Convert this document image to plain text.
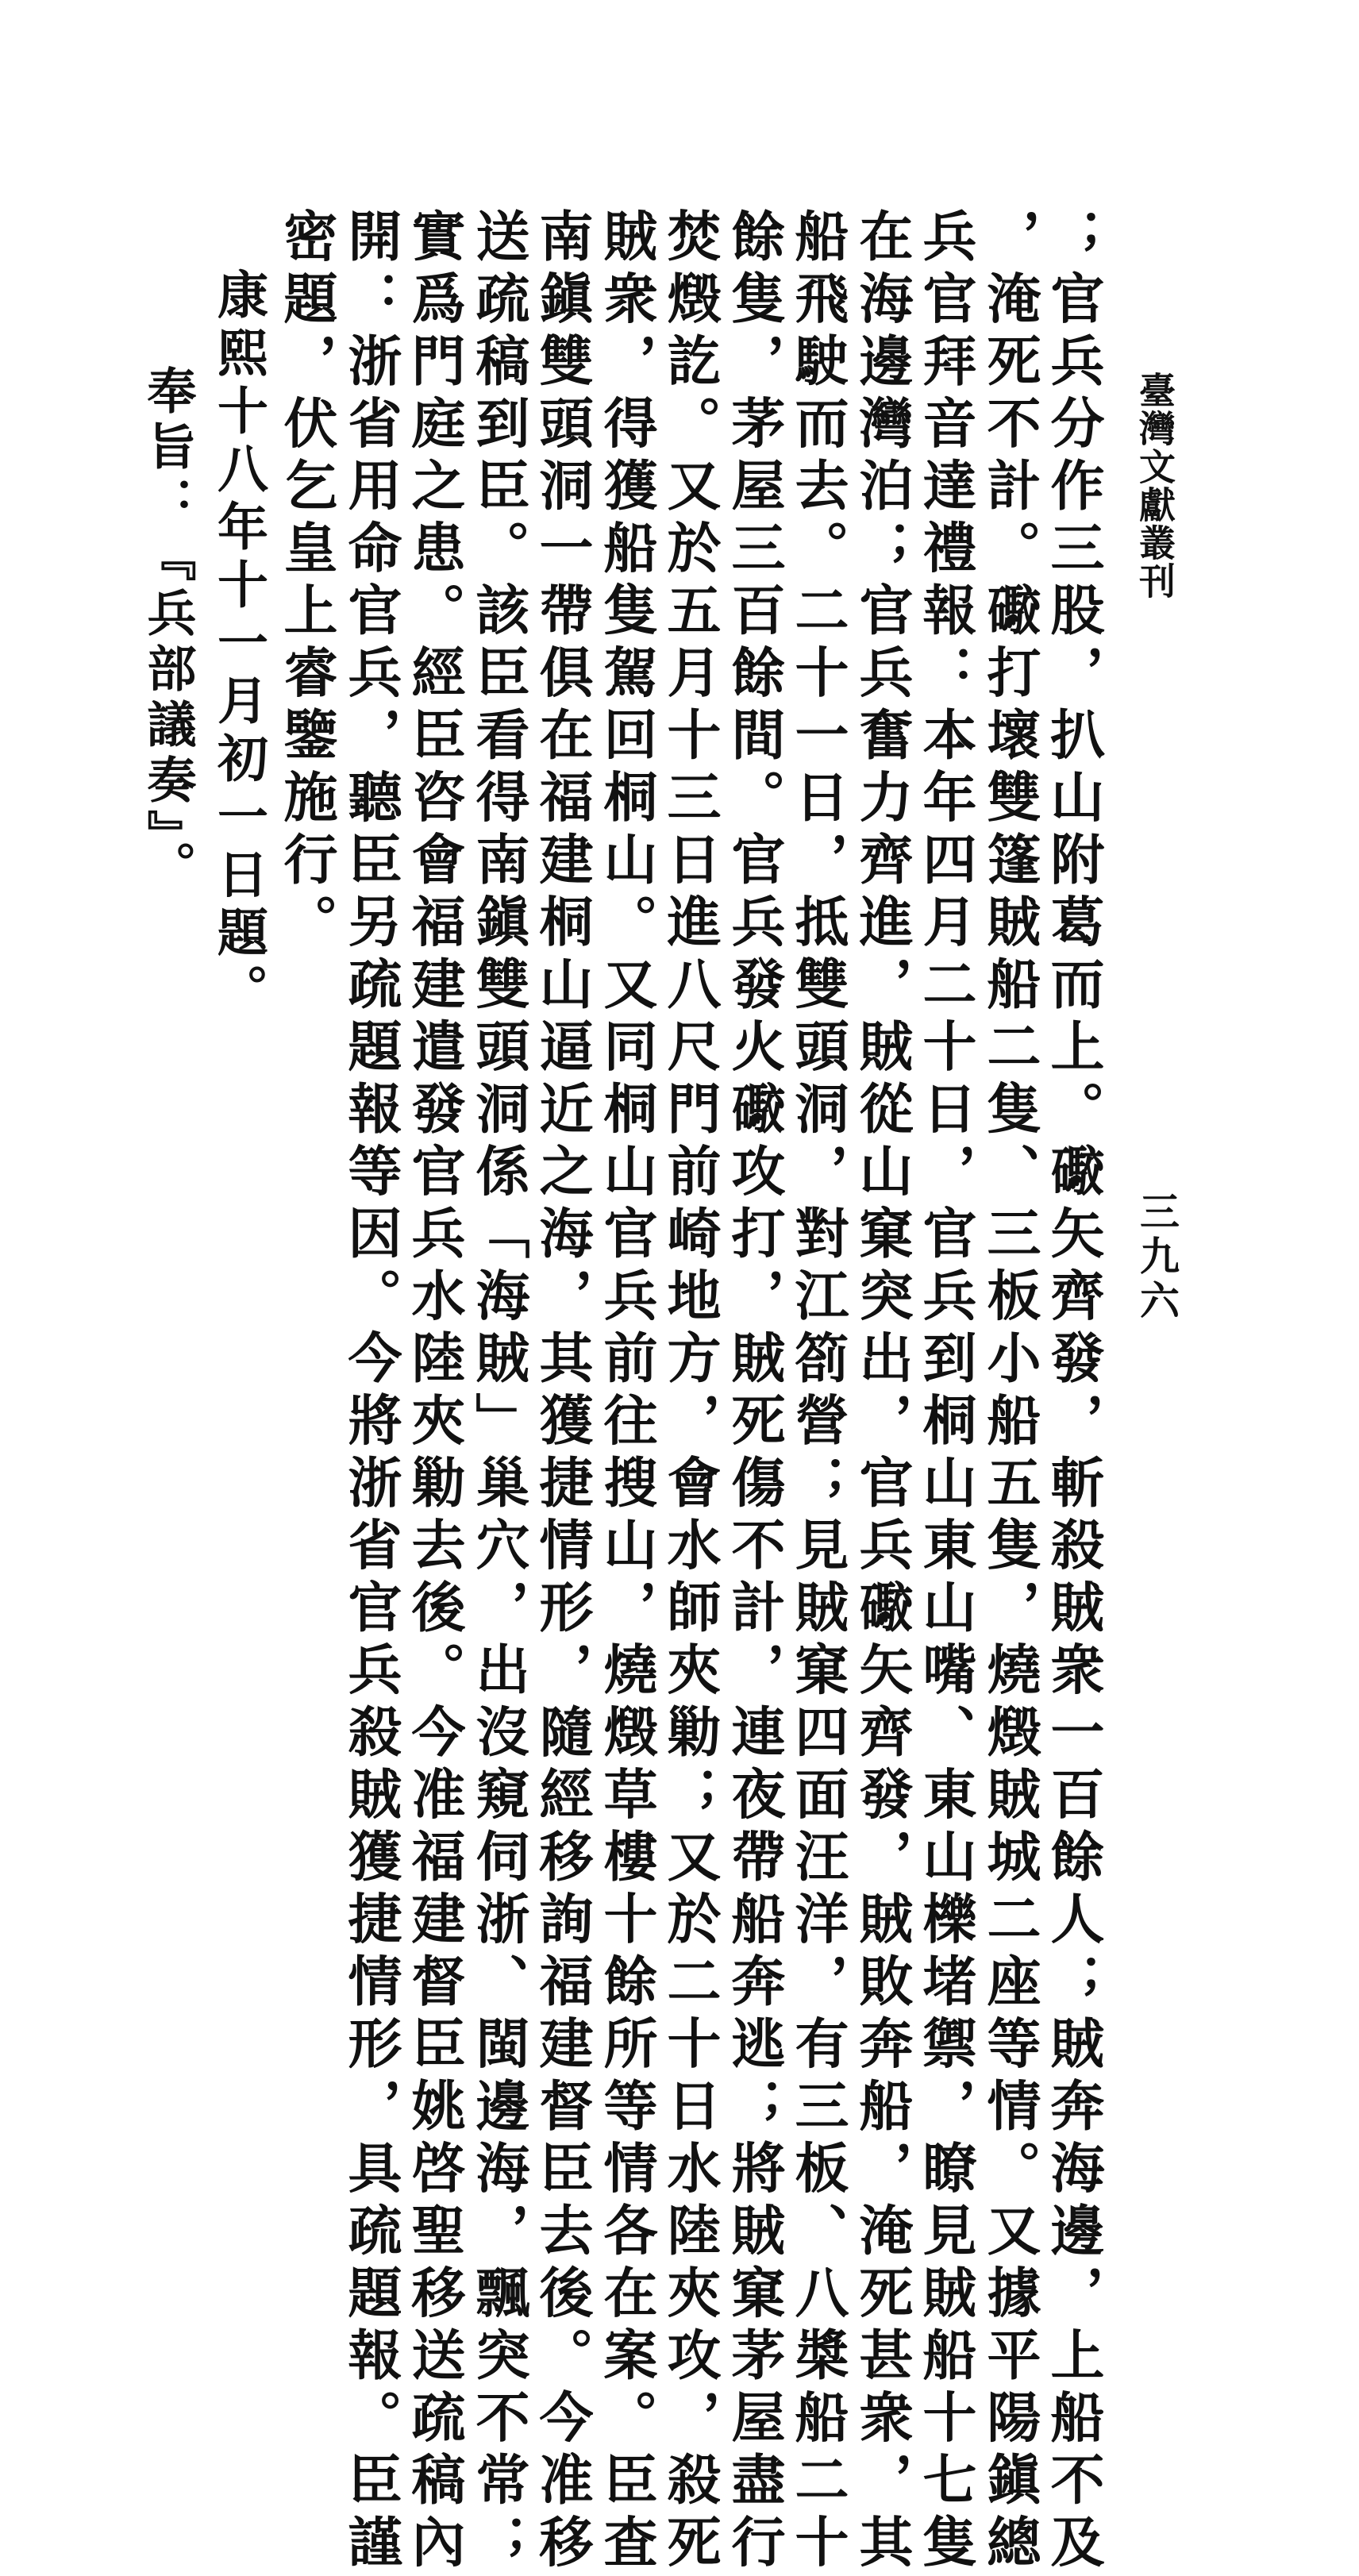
臺灣文獻叢刊
三九六
；官兵分作三股，扒山附葛而上。礮矢齊發，斬殺賊衆一百餘人；賊奔海邊，上船不及
，淹死不計。礮打壞雙篷賊船二隻、三板小船五隻，燒燬賊城二座等情。又據平陽鎭總
兵官拜音達禮報：本年四月二十日，官兵到桐山東山嘴、東山櫟堵禦，瞭見賊船十七隻
在海邊灣泊；官兵奮力齊進，賊從山窠突出，官兵礮矢齊發，賊敗奔船，淹死甚衆，其
船飛駛而去。二十一日，抵雙頭洞，對江箚營；見賊窠四面汪洋，有三板、八槳船二十
餘隻，茅屋三百餘間。官兵發火礮攻打，賊死傷不計，連夜帶船奔逃；將賊窠茅屋盡行
焚燬訖。又於五月十三日進八尺門前崎地方，會水師夾勦；又於二十日水陸夾攻，殺死
賊衆，得獲船隻駕回桐山。又同桐山官兵前往搜山，燒燬草樓十餘所等情各在案。臣査
南鎭雙頭洞一帶俱在福建桐山逼近之海，其獲捷情形，隨經移詢福建督臣去後。今准移
送疏稿到臣。該臣看得南鎭雙頭洞係「海賊」巢穴，出沒窺伺浙、閩邊海，飄突不常；
實爲門庭之患。經臣咨會福建遣發官兵水陸夾勦去後。今准福建督臣姚啓聖移送疏稿內
開：浙省用命官兵，聽臣另疏題報等因。今將浙省官兵殺賊獲捷情形，具疏題報。臣謹
密題，伏乞皇上睿鑒施行。
康熙十八年十一月初一日題。
奉旨：『兵部議奏』。
